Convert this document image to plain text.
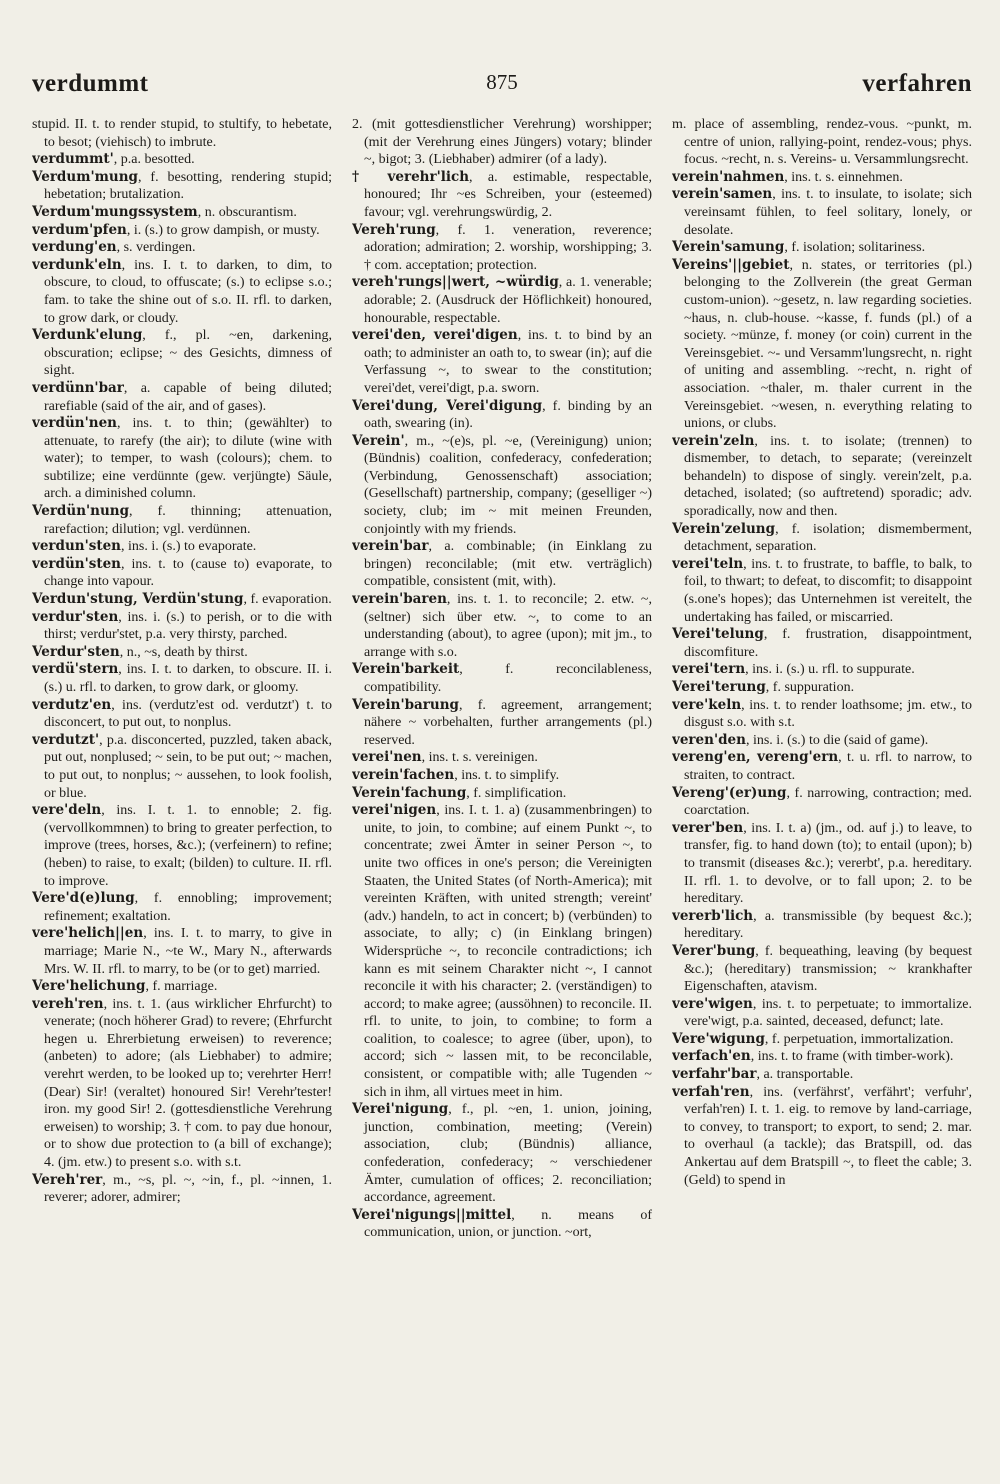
verdummt	875	verfahren

stupid. II. t. to render stupid, to stultify, to hebetate, to besot; (viehisch) to imbrute.

verdummt', p.a. besotted.

Verdum'mung, f. besotting, rendering stupid; hebetation; brutalization.

Verdum'mungssystem, n. obscurantism.

verdum'pfen, i. (s.) to grow dampish, or musty.

verdung'en, s. verdingen.

verdunk'eln, ins. I. t. to darken, to dim, to obscure, to cloud, to offuscate; (s.) to eclipse s.o.; fam. to take the shine out of s.o. II. rfl. to darken, to grow dark, or cloudy.

Verdunk'elung, f., pl. ~en, darkening, obscuration; eclipse; ~ des Gesichts, dimness of sight.

verdünn'bar, a. capable of being diluted; rarefiable (said of the air, and of gases).

verdün'nen, ins. t. to thin; (gewählter) to attenuate, to rarefy (the air); to dilute (wine with water); to temper, to wash (colours); chem. to subtilize; eine verdünnte (gew. verjüngte) Säule, arch. a diminished column.

Verdün'nung, f. thinning; attenuation, rarefaction; dilution; vgl. verdünnen.

verdun'sten, ins. i. (s.) to evaporate.

verdün'sten, ins. t. to (cause to) evaporate, to change into vapour.

Verdun'stung, Verdün'stung, f. evaporation.

verdur'sten, ins. i. (s.) to perish, or to die with thirst; verdur'stet, p.a. very thirsty, parched.

Verdur'sten, n., ~s, death by thirst.

verdü'stern, ins. I. t. to darken, to obscure. II. i. (s.) u. rfl. to darken, to grow dark, or gloomy.

verdutz'en, ins. (verdutz'est od. verdutzt') t. to disconcert, to put out, to nonplus.

verdutzt', p.a. disconcerted, puzzled, taken aback, put out, nonplused; ~ sein, to be put out; ~ machen, to put out, to nonplus; ~ aussehen, to look foolish, or blue.

vere'deln, ins. I. t. 1. to ennoble; 2. fig. (vervollkommnen) to bring to greater perfection, to improve (trees, horses, &c.); (verfeinern) to refine; (heben) to raise, to exalt; (bilden) to culture. II. rfl. to improve.

Vere'd(e)lung, f. ennobling; improvement; refinement; exaltation.

vere'helich||en, ins. I. t. to marry, to give in marriage; Marie N., ~te W., Mary N., afterwards Mrs. W. II. rfl. to marry, to be (or to get) married.

Vere'helichung, f. marriage.

vereh'ren, ins. t. 1. (aus wirklicher Ehrfurcht) to venerate; (noch höherer Grad) to revere; (Ehrfurcht hegen u. Ehrerbietung erweisen) to reverence; (anbeten) to adore; (als Liebhaber) to admire; verehrt werden, to be looked up to; verehrter Herr! (Dear) Sir! (veraltet) honoured Sir! Verehr'tester! iron. my good Sir! 2. (gottesdienstliche Verehrung erweisen) to worship; 3. † com. to pay due honour, or to show due protection to (a bill of exchange); 4. (jm. etw.) to present s.o. with s.t.

Vereh'rer, m., ~s, pl. ~, ~in, f., pl. ~innen, 1. reverer; adorer, admirer;

2. (mit gottesdienstlicher Verehrung) worshipper; (mit der Verehrung eines Jüngers) votary; blinder ~, bigot; 3. (Liebhaber) admirer (of a lady).

† verehr'lich, a. estimable, respectable, honoured; Ihr ~es Schreiben, your (esteemed) favour; vgl. verehrungswürdig, 2.

Vereh'rung, f. 1. veneration, reverence; adoration; admiration; 2. worship, worshipping; 3. † com. acceptation; protection.

vereh'rungs||wert, ~würdig, a. 1. venerable; adorable; 2. (Ausdruck der Höflichkeit) honoured, honourable, respectable.

verei'den, verei'digen, ins. t. to bind by an oath; to administer an oath to, to swear (in); auf die Verfassung ~, to swear to the constitution; verei'det, verei'digt, p.a. sworn.

Verei'dung, Verei'digung, f. binding by an oath, swearing (in).

Verein', m., ~(e)s, pl. ~e, (Vereinigung) union; (Bündnis) coalition, confederacy, confederation; (Verbindung, Genossenschaft) association; (Gesellschaft) partnership, company; (geselliger ~) society, club; im ~ mit meinen Freunden, conjointly with my friends.

verein'bar, a. combinable; (in Einklang zu bringen) reconcilable; (mit etw. verträglich) compatible, consistent (mit, with).

verein'baren, ins. t. 1. to reconcile; 2. etw. ~, (seltner) sich über etw. ~, to come to an understanding (about), to agree (upon); mit jm., to arrange with s.o.

Verein'barkeit, f. reconcilableness, compatibility.

Verein'barung, f. agreement, arrangement; nähere ~ vorbehalten, further arrangements (pl.) reserved.

verei'nen, ins. t. s. vereinigen.

verein'fachen, ins. t. to simplify.

Verein'fachung, f. simplification.

verei'nigen, ins. I. t. 1. a) (zusammenbringen) to unite, to join, to combine; auf einem Punkt ~, to concentrate; zwei Ämter in seiner Person ~, to unite two offices in one's person; die Vereinigten Staaten, the United States (of North-America); mit vereinten Kräften, with united strength; vereint' (adv.) handeln, to act in concert; b) (verbünden) to associate, to ally; c) (in Einklang bringen) Widersprüche ~, to reconcile contradictions; ich kann es mit seinem Charakter nicht ~, I cannot reconcile it with his character; 2. (verständigen) to accord; to make agree; (aussöhnen) to reconcile. II. rfl. to unite, to join, to combine; to form a coalition, to coalesce; to agree (über, upon), to accord; sich ~ lassen mit, to be reconcilable, consistent, or compatible with; alle Tugenden ~ sich in ihm, all virtues meet in him.

Verei'nigung, f., pl. ~en, 1. union, joining, junction, combination, meeting; (Verein) association, club; (Bündnis) alliance, confederation, confederacy; ~ verschiedener Ämter, cumulation of offices; 2. reconciliation; accordance, agreement.

Verei'nigungs||mittel, n. means of communication, union, or junction. ~ort,

m. place of assembling, rendez-vous. ~punkt, m. centre of union, rallying-point, rendez-vous; phys. focus. ~recht, n. s. Vereins- u. Versammlungsrecht.

verein'nahmen, ins. t. s. einnehmen.

verein'samen, ins. t. to insulate, to isolate; sich vereinsamt fühlen, to feel solitary, lonely, or desolate.

Verein'samung, f. isolation; solitariness.

Vereins'||gebiet, n. states, or territories (pl.) belonging to the Zollverein (the great German custom-union). ~gesetz, n. law regarding societies. ~haus, n. club-house. ~kasse, f. funds (pl.) of a society. ~münze, f. money (or coin) current in the Vereinsgebiet. ~- und Versamm'lungsrecht, n. right of uniting and assembling. ~recht, n. right of association. ~thaler, m. thaler current in the Vereinsgebiet. ~wesen, n. everything relating to unions, or clubs.

verein'zeln, ins. t. to isolate; (trennen) to dismember, to detach, to separate; (vereinzelt behandeln) to dispose of singly. verein'zelt, p.a. detached, isolated; (so auftretend) sporadic; adv. sporadically, now and then.

Verein'zelung, f. isolation; dismemberment, detachment, separation.

verei'teln, ins. t. to frustrate, to baffle, to balk, to foil, to thwart; to defeat, to discomfit; to disappoint (s.one's hopes); das Unternehmen ist vereitelt, the undertaking has failed, or miscarried.

Verei'telung, f. frustration, disappointment, discomfiture.

verei'tern, ins. i. (s.) u. rfl. to suppurate.

Verei'terung, f. suppuration.

vere'keln, ins. t. to render loathsome; jm. etw., to disgust s.o. with s.t.

veren'den, ins. i. (s.) to die (said of game).

vereng'en, vereng'ern, t. u. rfl. to narrow, to straiten, to contract.

Vereng'(er)ung, f. narrowing, contraction; med. coarctation.

verer'ben, ins. I. t. a) (jm., od. auf j.) to leave, to transfer, fig. to hand down (to); to entail (upon); b) to transmit (diseases &c.); vererbt', p.a. hereditary. II. rfl. 1. to devolve, or to fall upon; 2. to be hereditary.

vererb'lich, a. transmissible (by bequest &c.); hereditary.

Verer'bung, f. bequeathing, leaving (by bequest &c.); (hereditary) transmission; ~ krankhafter Eigenschaften, atavism.

vere'wigen, ins. t. to perpetuate; to immortalize. vere'wigt, p.a. sainted, deceased, defunct; late.

Vere'wigung, f. perpetuation, immortalization.

verfach'en, ins. t. to frame (with timber-work).

verfahr'bar, a. transportable.

verfah'ren, ins. (verfährst', verfährt'; verfuhr', verfah'ren) I. t. 1. eig. to remove by land-carriage, to convey, to transport; to export, to send; 2. mar. to overhaul (a tackle); das Bratspill, od. das Ankertau auf dem Bratspill ~, to fleet the cable; 3. (Geld) to spend in
